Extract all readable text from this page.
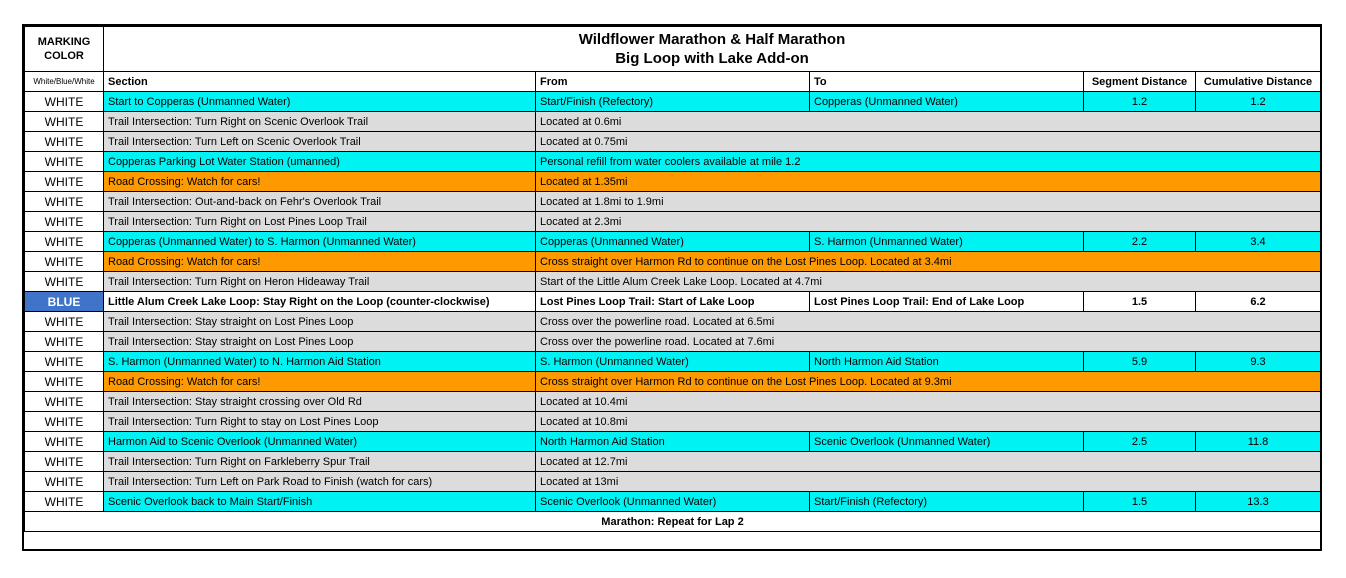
MARKING COLOR	Wildflower Marathon & Half Marathon
Big Loop with Lake Add-on				

White/Blue/White	Section	From	To	Segment Distance	Cumulative Distance
WHITE	Start to Copperas (Unmanned Water)	Start/Finish (Refectory)	Copperas (Unmanned Water)	1.2	1.2
WHITE	Trail Intersection: Turn Right on Scenic Overlook Trail	Located at 0.6mi			
WHITE	Trail Intersection: Turn Left on Scenic Overlook Trail	Located at 0.75mi			
WHITE	Copperas Parking Lot Water Station (umanned)	Personal refill from water coolers available at mile 1.2			
WHITE	Road Crossing: Watch for cars!	Located at 1.35mi			
WHITE	Trail Intersection: Out-and-back on Fehr's Overlook Trail	Located at 1.8mi to 1.9mi			
WHITE	Trail Intersection: Turn Right on Lost Pines Loop Trail	Located at 2.3mi			
WHITE	Copperas (Unmanned Water) to S. Harmon (Unmanned Water)	Copperas (Unmanned Water)	S. Harmon (Unmanned Water)	2.2	3.4
WHITE	Road Crossing: Watch for cars!	Cross straight over Harmon Rd to continue on the Lost Pines Loop. Located at 3.4mi			
WHITE	Trail Intersection: Turn Right on Heron Hideaway Trail	Start of the Little Alum Creek Lake Loop. Located at 4.7mi			
BLUE	Little Alum Creek Lake Loop: Stay Right on the Loop (counter-clockwise)	Lost Pines Loop Trail: Start of Lake Loop	Lost Pines Loop Trail: End of Lake Loop	1.5	6.2
WHITE	Trail Intersection: Stay straight on Lost Pines Loop	Cross over the powerline road. Located at 6.5mi			
WHITE	Trail Intersection: Stay straight on Lost Pines Loop	Cross over the powerline road. Located at 7.6mi			
WHITE	S. Harmon (Unmanned Water) to N. Harmon Aid Station	S. Harmon (Unmanned Water)	North Harmon Aid Station	5.9	9.3
WHITE	Road Crossing: Watch for cars!	Cross straight over Harmon Rd to continue on the Lost Pines Loop. Located at 9.3mi			
WHITE	Trail Intersection: Stay straight crossing over Old Rd	Located at 10.4mi			
WHITE	Trail Intersection: Turn Right to stay on Lost Pines Loop	Located at 10.8mi			
WHITE	Harmon Aid to Scenic Overlook (Unmanned Water)	North Harmon Aid Station	Scenic Overlook (Unmanned Water)	2.5	11.8
WHITE	Trail Intersection: Turn Right on Farkleberry Spur Trail	Located at 12.7mi			
WHITE	Trail Intersection: Turn Left on Park Road to Finish (watch for cars)	Located at 13mi			
WHITE	Scenic Overlook back to Main Start/Finish	Scenic Overlook (Unmanned Water)	Start/Finish (Refectory)	1.5	13.3
Marathon: Repeat for Lap 2					
